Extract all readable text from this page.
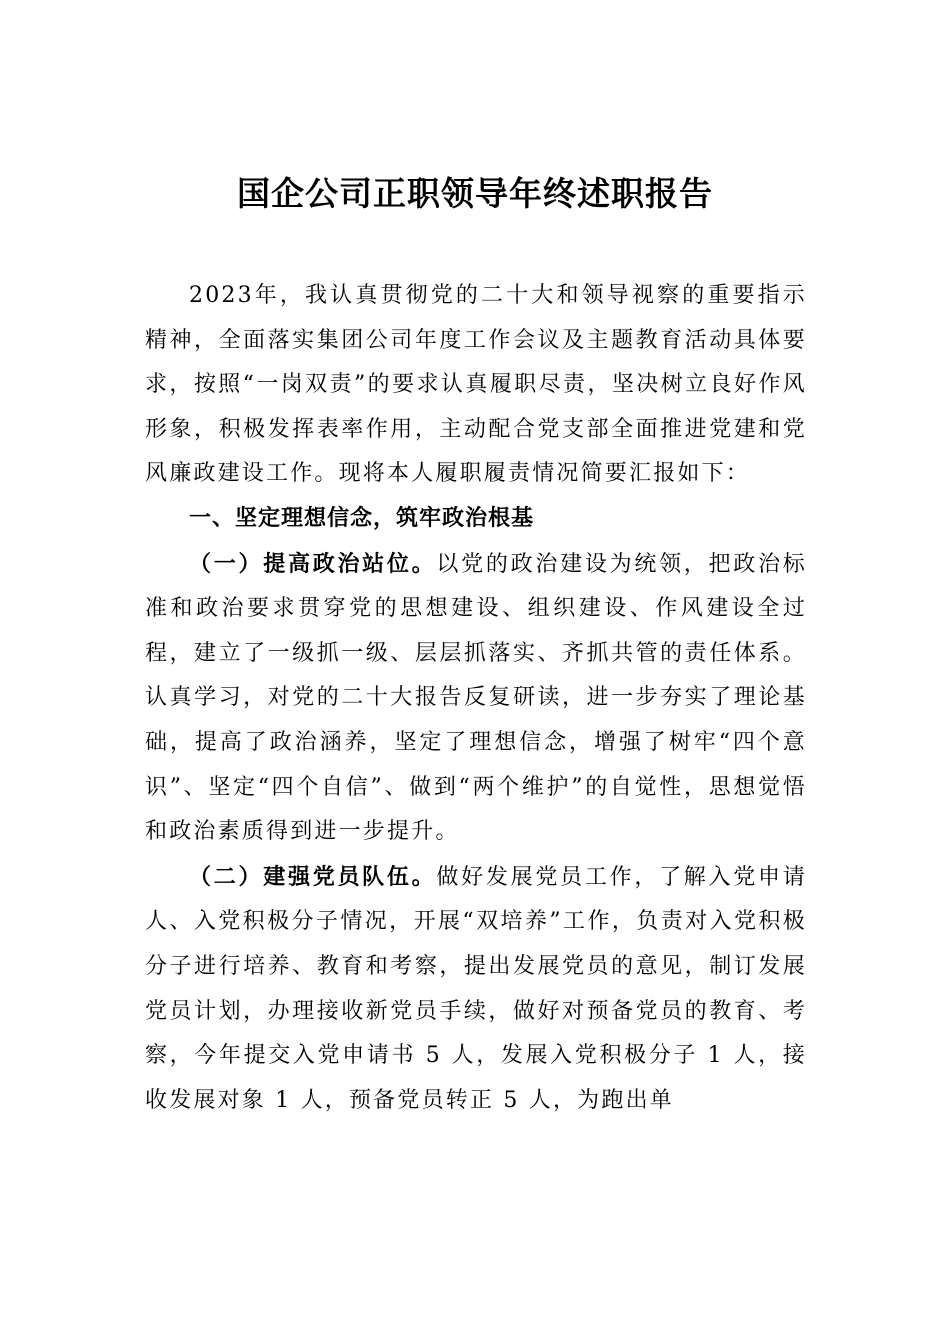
国企公司正职领导年终述职报告

2023年，我认真贯彻党的二十大和领导视察的重要指示精神，全面落实集团公司年度工作会议及主题教育活动具体要求，按照“一岗双责”的要求认真履职尽责，坚决树立良好作风形象，积极发挥表率作用，主动配合党支部全面推进党建和党风廉政建设工作。现将本人履职履责情况简要汇报如下：

一、坚定理想信念，筑牢政治根基

（一）提高政治站位。以党的政治建设为统领，把政治标准和政治要求贯穿党的思想建设、组织建设、作风建设全过程，建立了一级抓一级、层层抓落实、齐抓共管的责任体系。认真学习，对党的二十大报告反复研读，进一步夯实了理论基础，提高了政治涵养，坚定了理想信念，增强了树牢“四个意识”、坚定“四个自信”、做到“两个维护”的自觉性，思想觉悟和政治素质得到进一步提升。

（二）建强党员队伍。做好发展党员工作，了解入党申请人、入党积极分子情况，开展“双培养”工作，负责对入党积极分子进行培养、教育和考察，提出发展党员的意见，制订发展党员计划，办理接收新党员手续，做好对预备党员的教育、考察，今年提交入党申请书 5 人，发展入党积极分子 1 人，接收发展对象 1 人，预备党员转正 5 人，为跑出单
